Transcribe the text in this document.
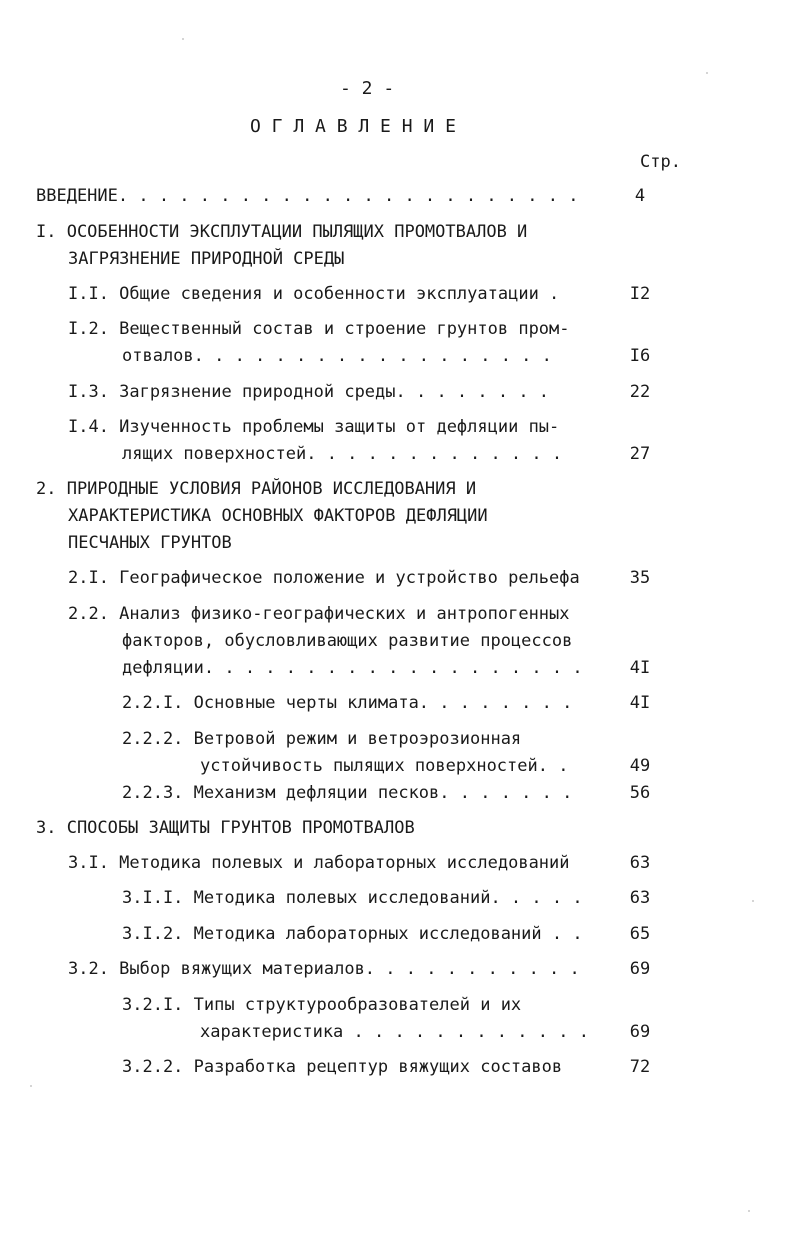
- 2 -
О Г Л А В Л Е Н И Е
Стр.
ВВЕДЕНИЕ. . . . . . . . . . . . . . . . . . . . . . .	4
I. ОСОБЕННОСТИ ЭКСПЛУТАЦИИ ПЫЛЯЩИХ ПРОМОТВАЛОВ И
ЗАГРЯЗНЕНИЕ ПРИРОДНОЙ СРЕДЫ
I.I. Общие сведения и особенности эксплуатации .	I2
I.2. Вещественный состав и строение грунтов пром-
отвалов. . . . . . . . . . . . . . . . . .	I6
I.3. Загрязнение природной среды. . . . . . . .	22
I.4. Изученность проблемы защиты от дефляции пы-
лящих поверхностей. . . . . . . . . . . . .	27
2. ПРИРОДНЫЕ УСЛОВИЯ РАЙОНОВ ИССЛЕДОВАНИЯ И
ХАРАКТЕРИСТИКА ОСНОВНЫХ ФАКТОРОВ ДЕФЛЯЦИИ
ПЕСЧАНЫХ ГРУНТОВ
2.I. Географическое положение и устройство рельефа	35
2.2. Анализ физико-географических и антропогенных
факторов, обусловливающих развитие процессов
дефляции. . . . . . . . . . . . . . . . . . .	4I
2.2.I. Основные черты климата. . . . . . . .	4I
2.2.2. Ветровой режим и ветроэрозионная
устойчивость пылящих поверхностей. .	49
2.2.3. Механизм дефляции песков. . . . . . .	56
3. СПОСОБЫ ЗАЩИТЫ ГРУНТОВ ПРОМОТВАЛОВ
3.I. Методика полевых и лабораторных исследований	63
3.I.I. Методика полевых исследований. . . . .	63
3.I.2. Методика лабораторных исследований . .	65
3.2. Выбор вяжущих материалов. . . . . . . . . . .	69
3.2.I. Типы структурообразователей и их
характеристика . . . . . . . . . . . .	69
3.2.2. Разработка рецептур вяжущих составов	72
